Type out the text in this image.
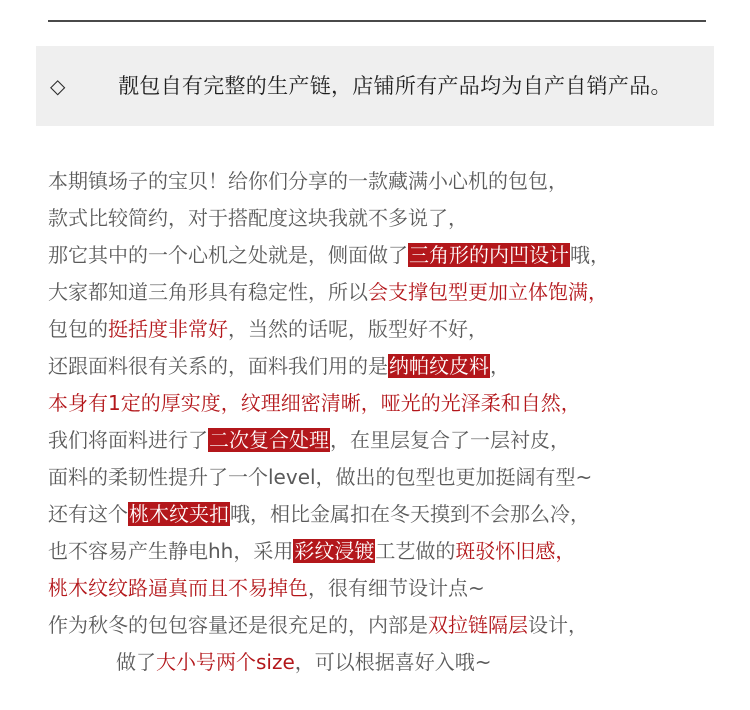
◇	靓包自有完整的生产链，店铺所有产品均为自产自销产品。
本期镇场子的宝贝！给你们分享的一款藏满小心机的包包，
款式比较简约，对于搭配度这块我就不多说了，
那它其中的一个心机之处就是，侧面做了三角形的内凹设计哦，
大家都知道三角形具有稳定性，所以会支撑包型更加立体饱满，
包包的挺括度非常好，当然的话呢，版型好不好，
还跟面料很有关系的，面料我们用的是纳帕纹皮料，
本身有1定的厚实度，纹理细密清晰，哑光的光泽柔和自然，
我们将面料进行了二次复合处理，在里层复合了一层衬皮，
面料的柔韧性提升了一个level，做出的包型也更加挺阔有型~
还有这个桃木纹夹扣哦，相比金属扣在冬天摸到不会那么冷，
也不容易产生静电hh，采用彩纹浸镀工艺做的斑驳怀旧感，
桃木纹纹路逼真而且不易掉色，很有细节设计点~
作为秋冬的包包容量还是很充足的，内部是双拉链隔层设计，
做了大小号两个size，可以根据喜好入哦~
